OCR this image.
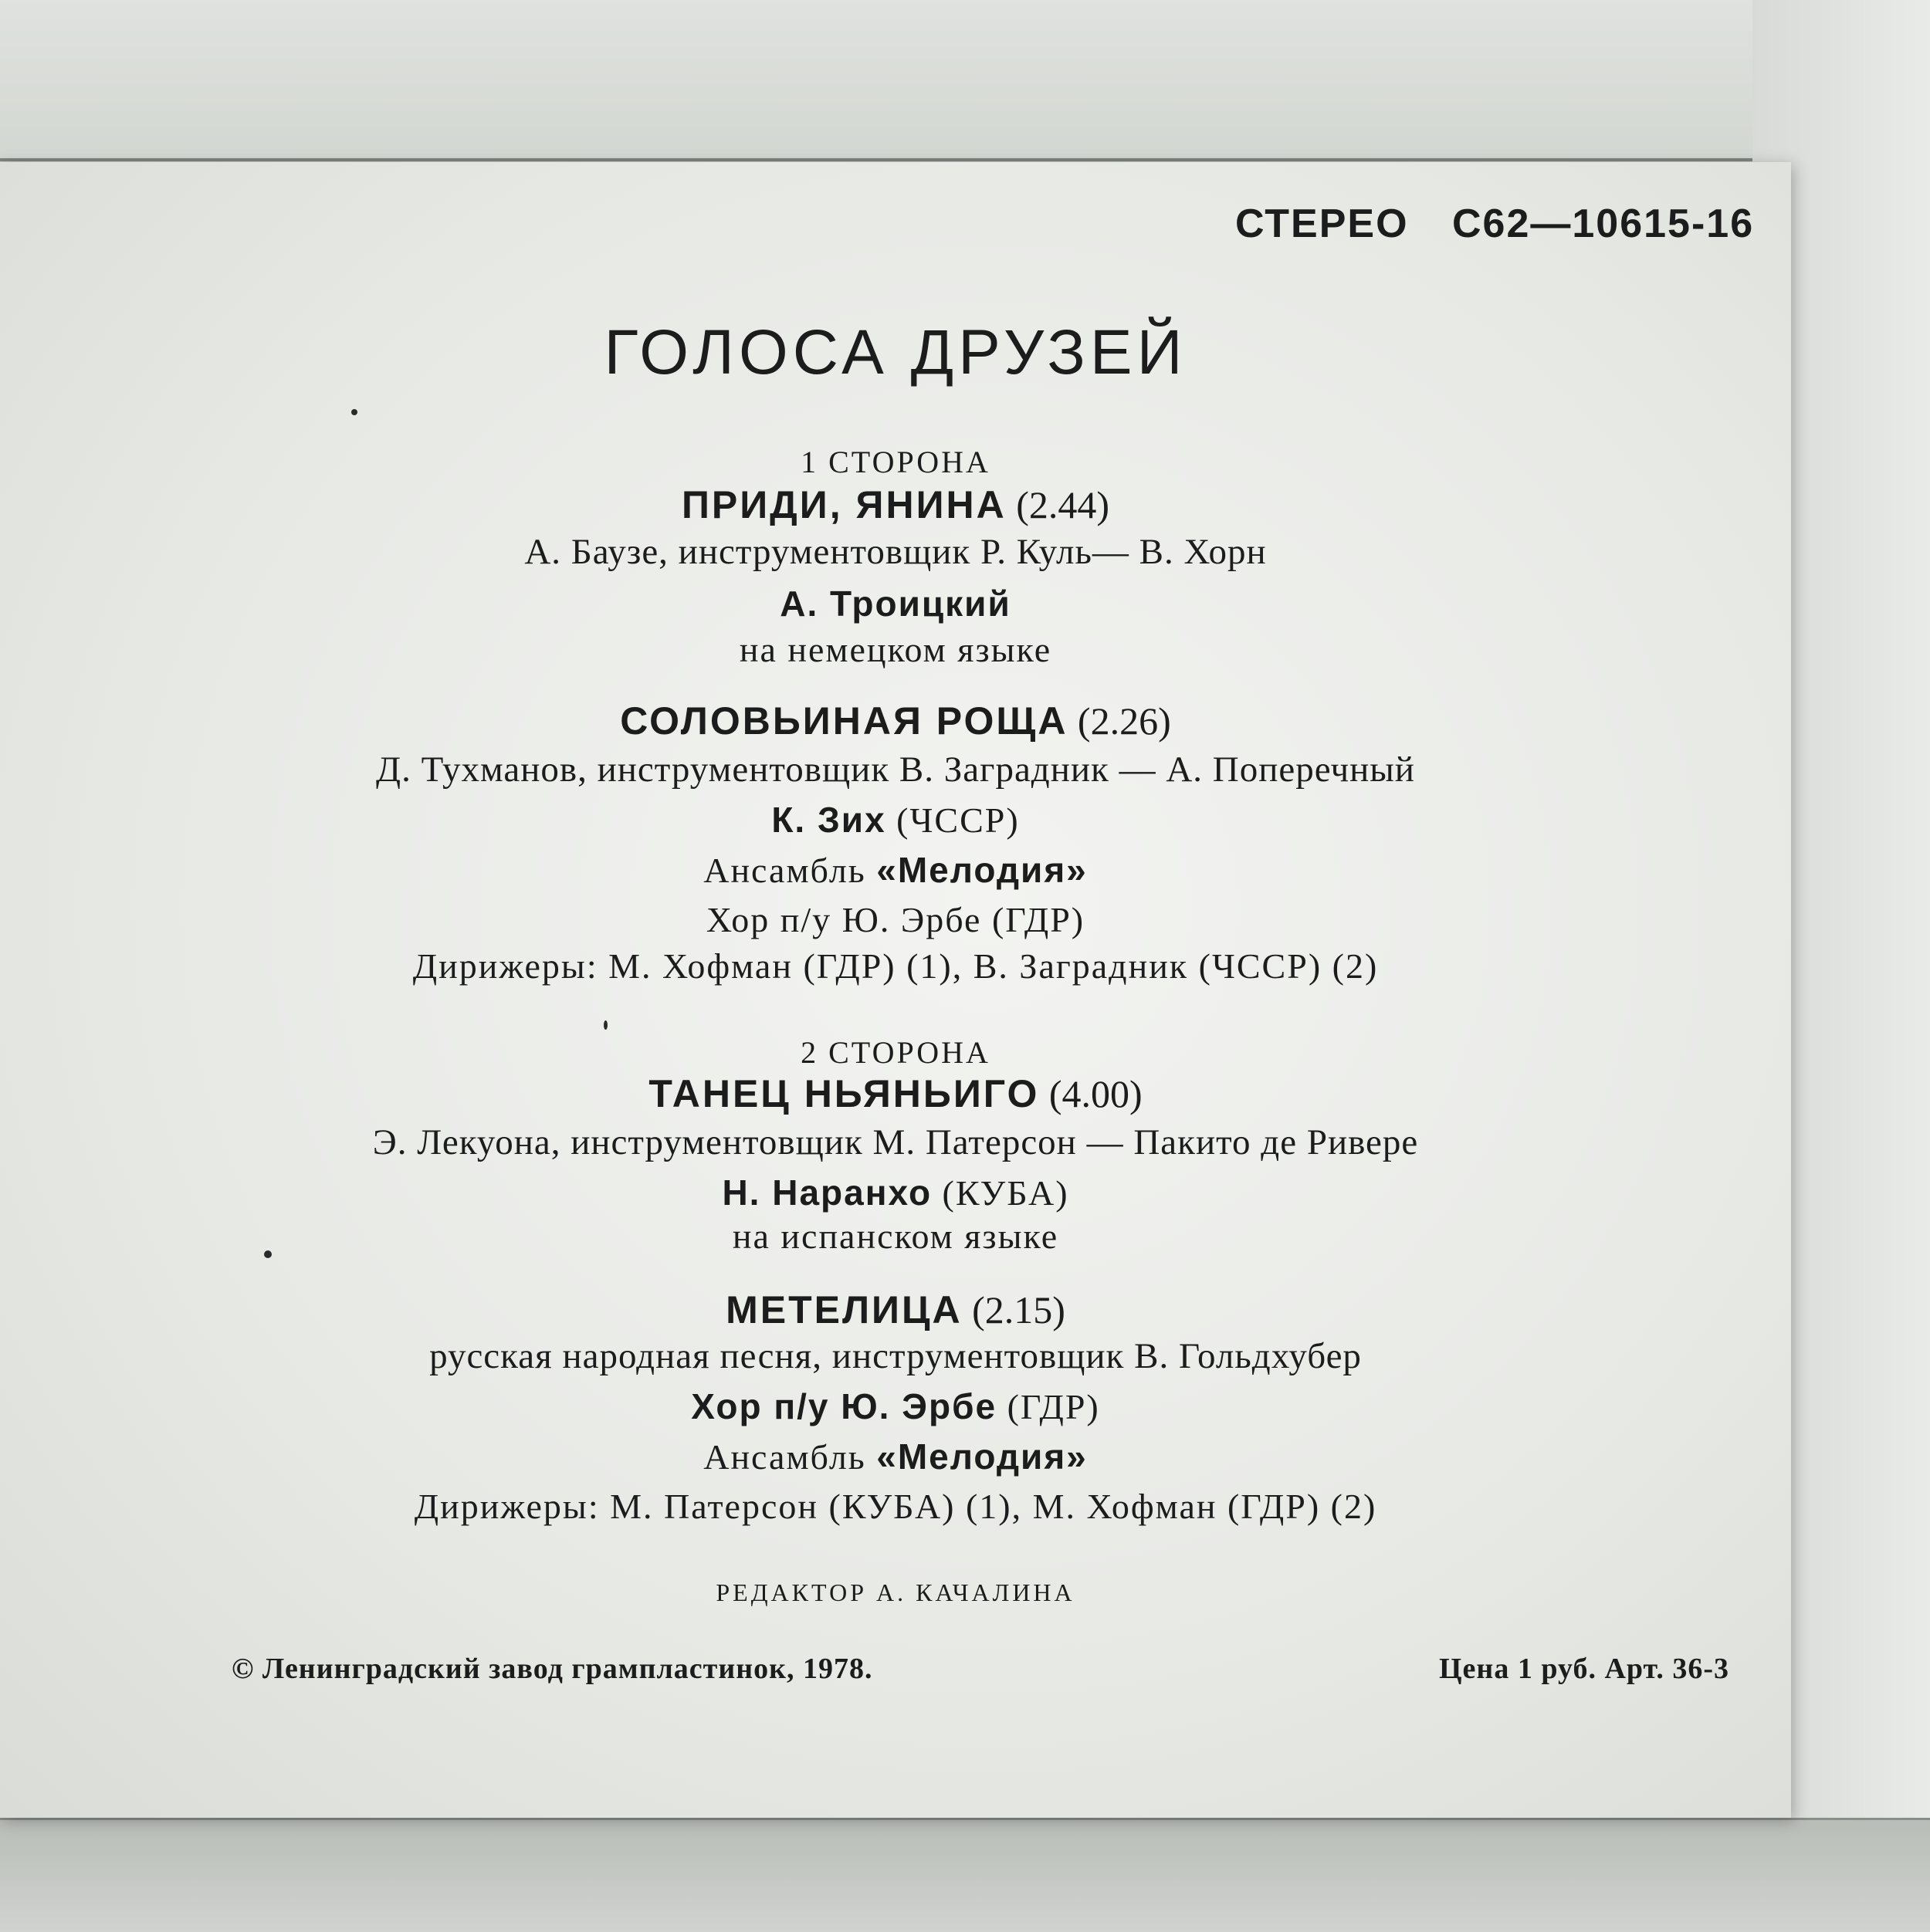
СТЕРЕО С62—10615-16
ГОЛОСА ДРУЗЕЙ
1 СТОРОНА
ПРИДИ, ЯНИНА (2.44)
А. Баузе, инструментовщик Р. Куль— В. Хорн
А. Троицкий
на немецком языке
СОЛОВЬИНАЯ РОЩА (2.26)
Д. Тухманов, инструментовщик В. Заградник — А. Поперечный
К. Зих (ЧССР)
Ансамбль «Мелодия»
Хор п/у Ю. Эрбе (ГДР)
Дирижеры: М. Хофман (ГДР) (1), В. Заградник (ЧССР) (2)
2 СТОРОНА
ТАНЕЦ НЬЯНЬИГО (4.00)
Э. Лекуона, инструментовщик М. Патерсон — Пакито де Ривере
Н. Наранхо (КУБА)
на испанском языке
МЕТЕЛИЦА (2.15)
русская народная песня, инструментовщик В. Гольдхубер
Хор п/у Ю. Эрбе (ГДР)
Ансамбль «Мелодия»
Дирижеры: М. Патерсон (КУБА) (1), М. Хофман (ГДР) (2)
РЕДАКТОР А. КАЧАЛИНА
© Ленинградский завод грампластинок, 1978.	Цена 1 руб. Арт. 36-3
